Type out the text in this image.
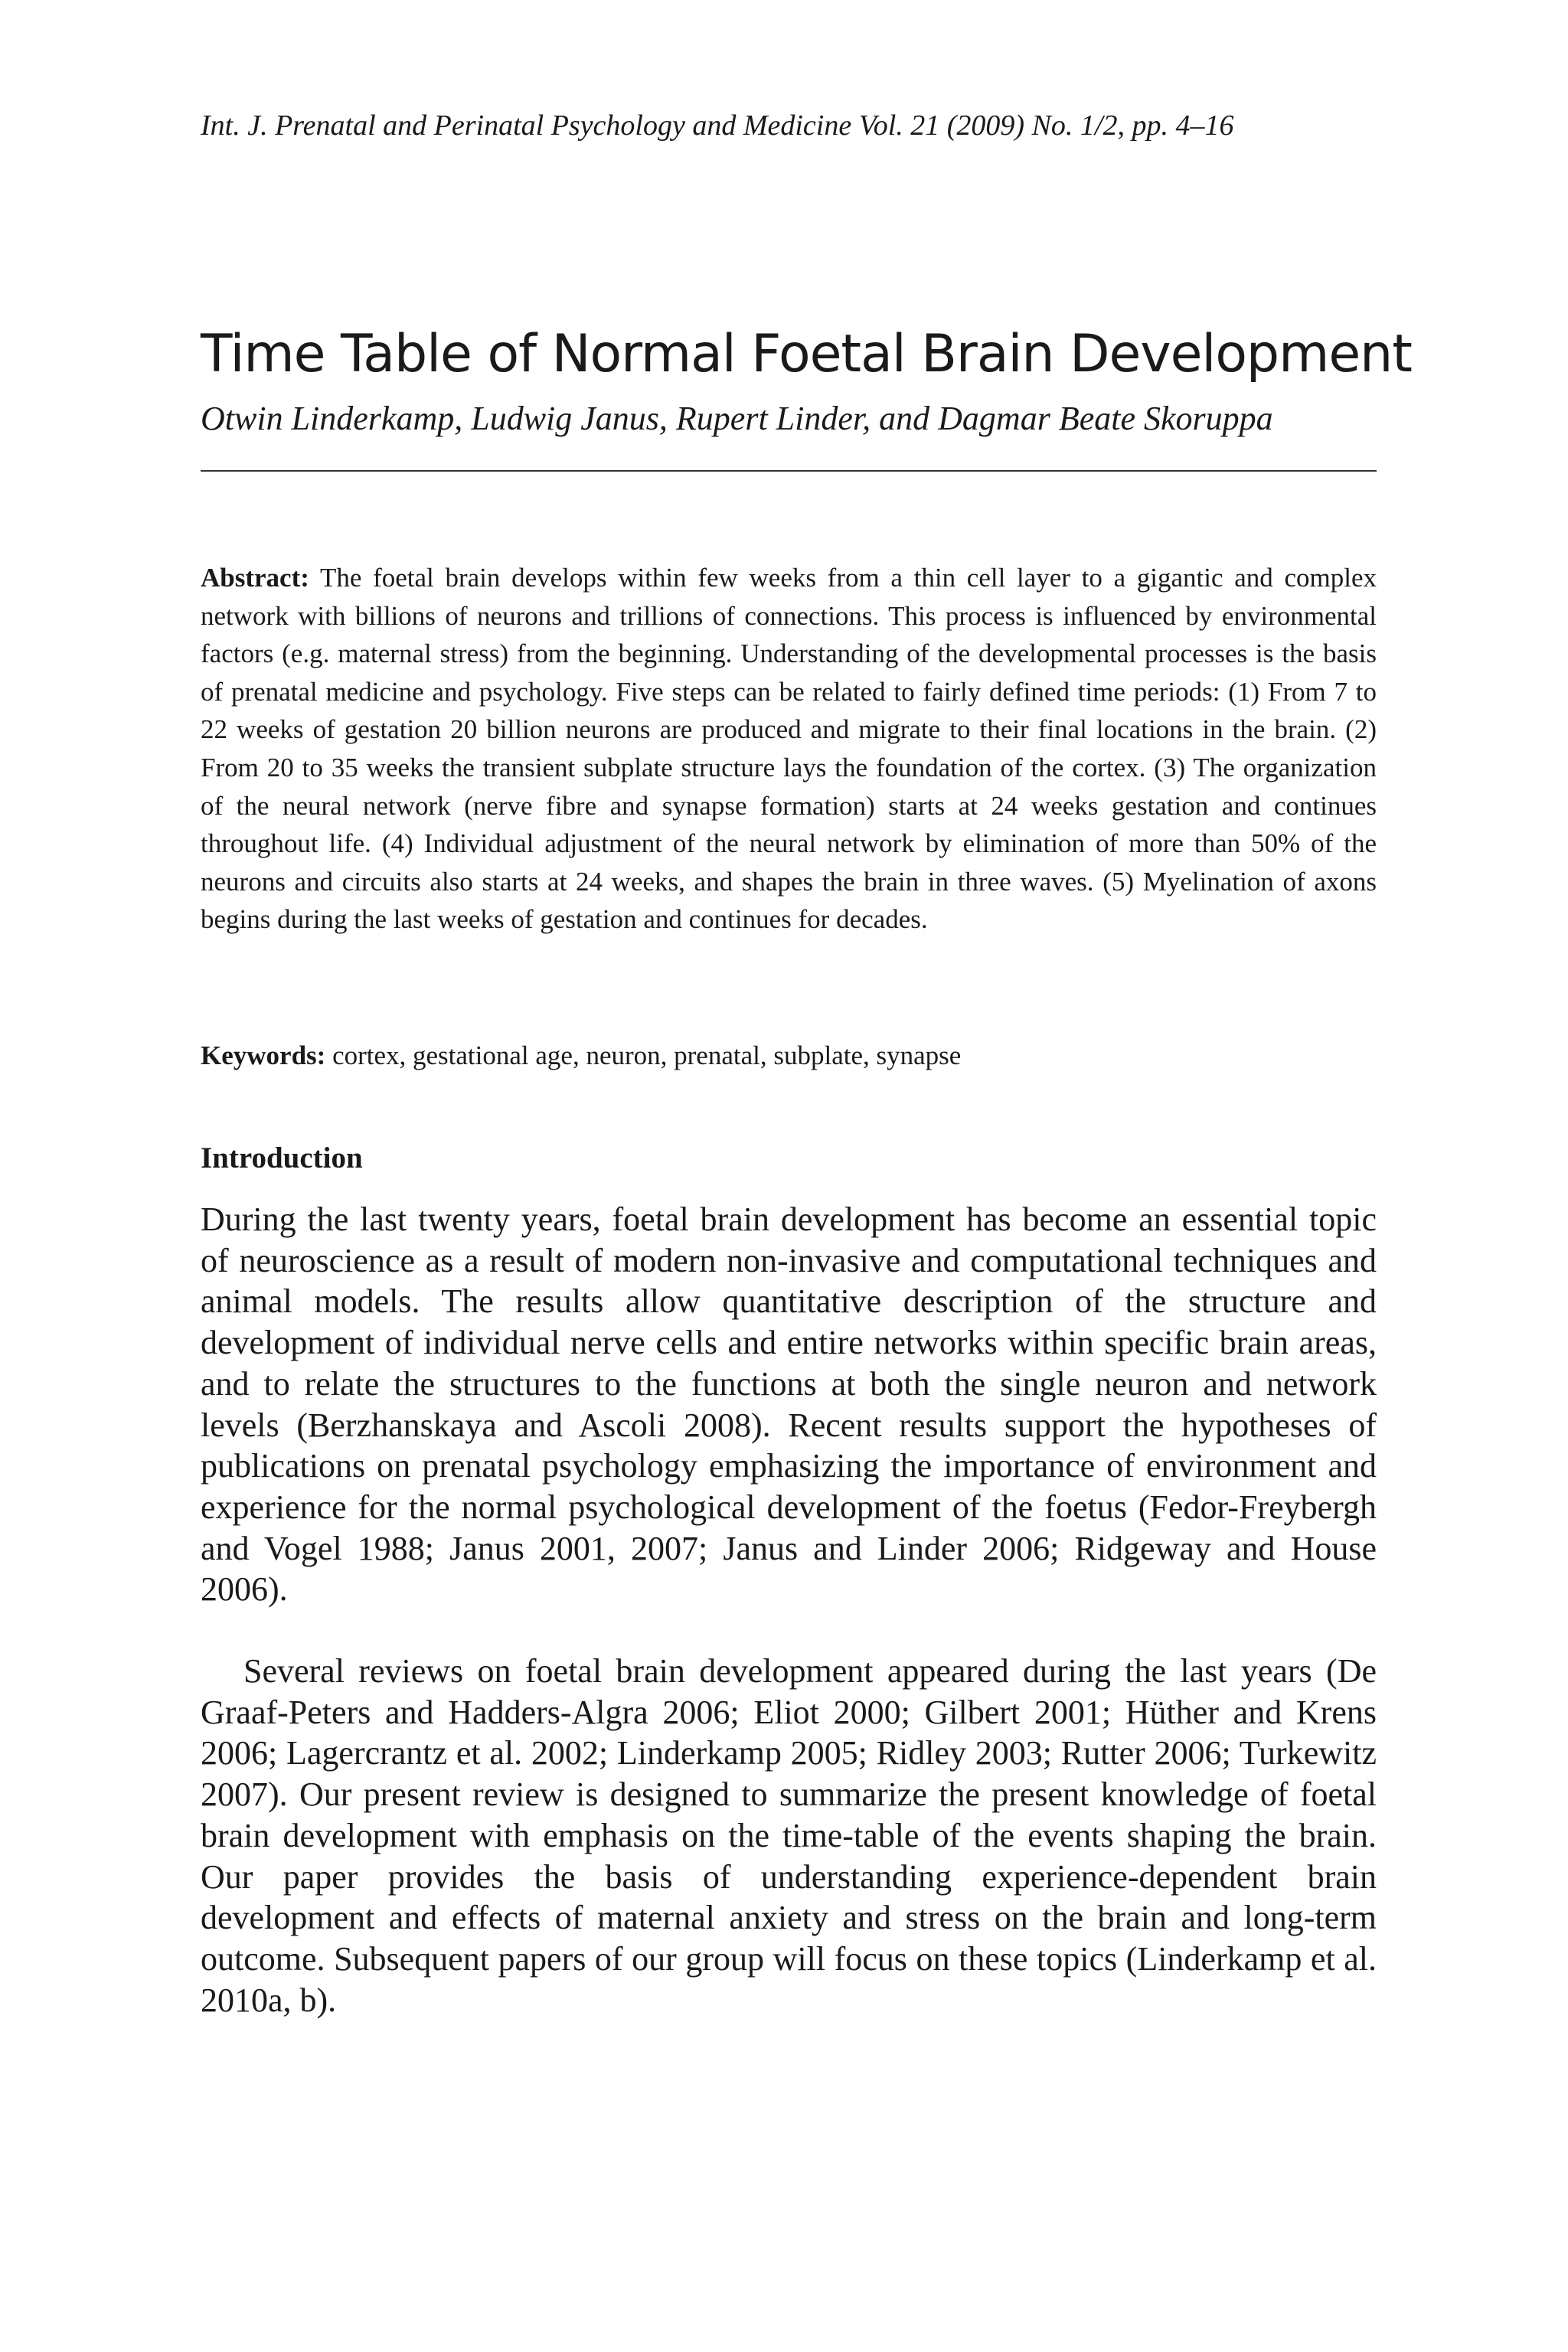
Int. J. Prenatal and Perinatal Psychology and Medicine Vol. 21 (2009) No. 1/2, pp. 4–16
Time Table of Normal Foetal Brain Development
Otwin Linderkamp, Ludwig Janus, Rupert Linder, and Dagmar Beate Skoruppa

Abstract: The foetal brain develops within few weeks from a thin cell layer to a gigantic and complex network with billions of neurons and trillions of connections. This process is influenced by environmental factors (e.g. maternal stress) from the beginning. Understanding of the developmental processes is the basis of prenatal medicine and psychology. Five steps can be related to fairly defined time periods: (1) From 7 to 22 weeks of gestation 20 billion neurons are produced and migrate to their final locations in the brain. (2) From 20 to 35 weeks the transient subplate structure lays the foundation of the cortex. (3) The organization of the neural network (nerve fibre and synapse formation) starts at 24 weeks gestation and continues throughout life. (4) Individual adjustment of the neural network by elimination of more than 50% of the neurons and circuits also starts at 24 weeks, and shapes the brain in three waves. (5) Myelination of axons begins during the last weeks of gestation and continues for decades.

Keywords: cortex, gestational age, neuron, prenatal, subplate, synapse

Introduction

During the last twenty years, foetal brain development has become an essential topic of neuroscience as a result of modern non-invasive and computational techniques and animal models. The results allow quantitative description of the structure and development of individual nerve cells and entire networks within specific brain areas, and to relate the structures to the functions at both the single neuron and network levels (Berzhanskaya and Ascoli 2008). Recent results support the hypotheses of publications on prenatal psychology emphasizing the importance of environment and experience for the normal psychological development of the foetus (Fedor-Freybergh and Vogel 1988; Janus 2001, 2007; Janus and Linder 2006; Ridgeway and House 2006).

Several reviews on foetal brain development appeared during the last years (De Graaf-Peters and Hadders-Algra 2006; Eliot 2000; Gilbert 2001; Hüther and Krens 2006; Lagercrantz et al. 2002; Linderkamp 2005; Ridley 2003; Rutter 2006; Turkewitz 2007). Our present review is designed to summarize the present knowledge of foetal brain development with emphasis on the time-table of the events shaping the brain. Our paper provides the basis of understanding experience-dependent brain development and effects of maternal anxiety and stress on the brain and long-term outcome. Subsequent papers of our group will focus on these topics (Linderkamp et al. 2010a, b).
